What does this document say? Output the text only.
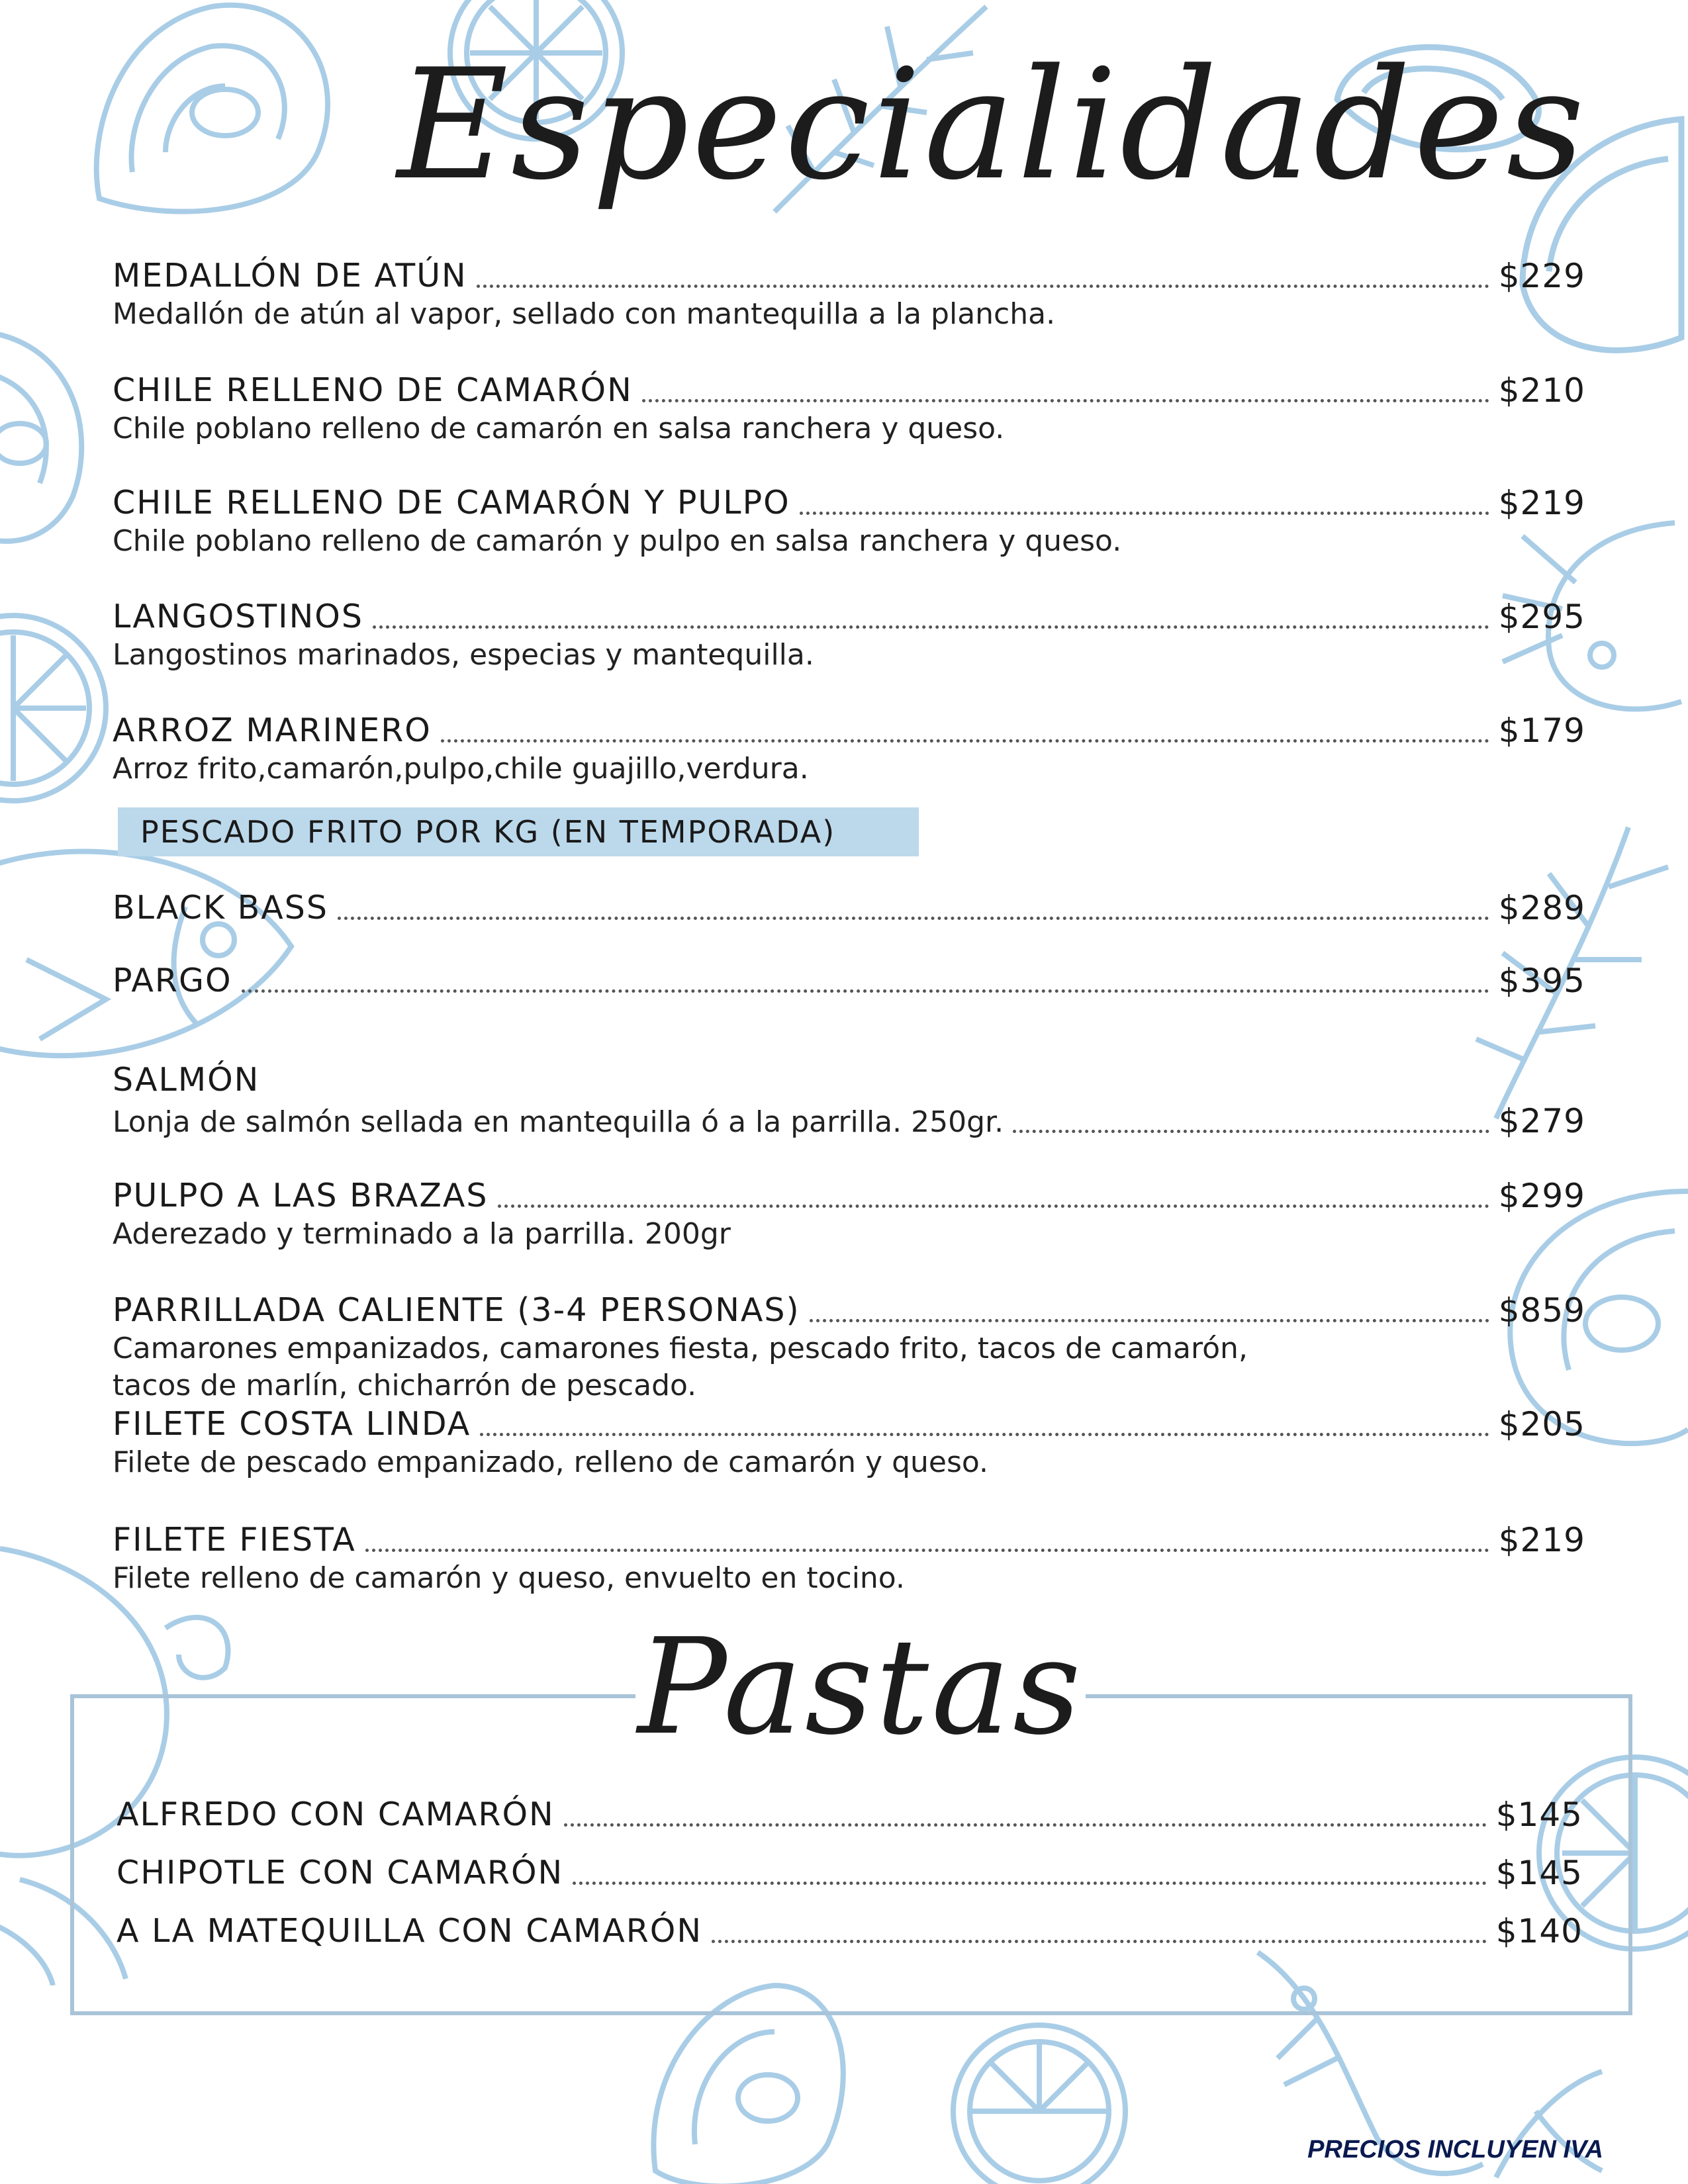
Especialidades
MEDALLÓN DE ATÚN	$229
Medallón de atún al vapor, sellado con mantequilla a la plancha.
CHILE RELLENO DE CAMARÓN	$210
Chile poblano relleno de camarón en salsa ranchera y queso.
CHILE RELLENO DE CAMARÓN Y PULPO	$219
Chile poblano relleno de camarón y pulpo en salsa ranchera y queso.
LANGOSTINOS	$295
Langostinos marinados, especias y mantequilla.
ARROZ MARINERO	$179
Arroz frito,camarón,pulpo,chile guajillo,verdura.
PESCADO FRITO POR KG (EN TEMPORADA)
BLACK BASS	$289
PARGO	$395
SALMÓN
Lonja de salmón sellada en mantequilla ó a la parrilla. 250gr.	$279
PULPO A LAS BRAZAS	$299
Aderezado y terminado a la parrilla. 200gr
PARRILLADA CALIENTE (3-4 PERSONAS)	$859
Camarones empanizados, camarones fiesta, pescado frito, tacos de camarón,
tacos de marlín, chicharrón de pescado.
FILETE COSTA LINDA	$205
Filete de pescado empanizado, relleno de camarón y queso.
FILETE FIESTA	$219
Filete relleno de camarón y queso, envuelto en tocino.
Pastas
ALFREDO CON CAMARÓN	$145
CHIPOTLE CON CAMARÓN	$145
A LA MATEQUILLA CON CAMARÓN	$140
PRECIOS INCLUYEN IVA
